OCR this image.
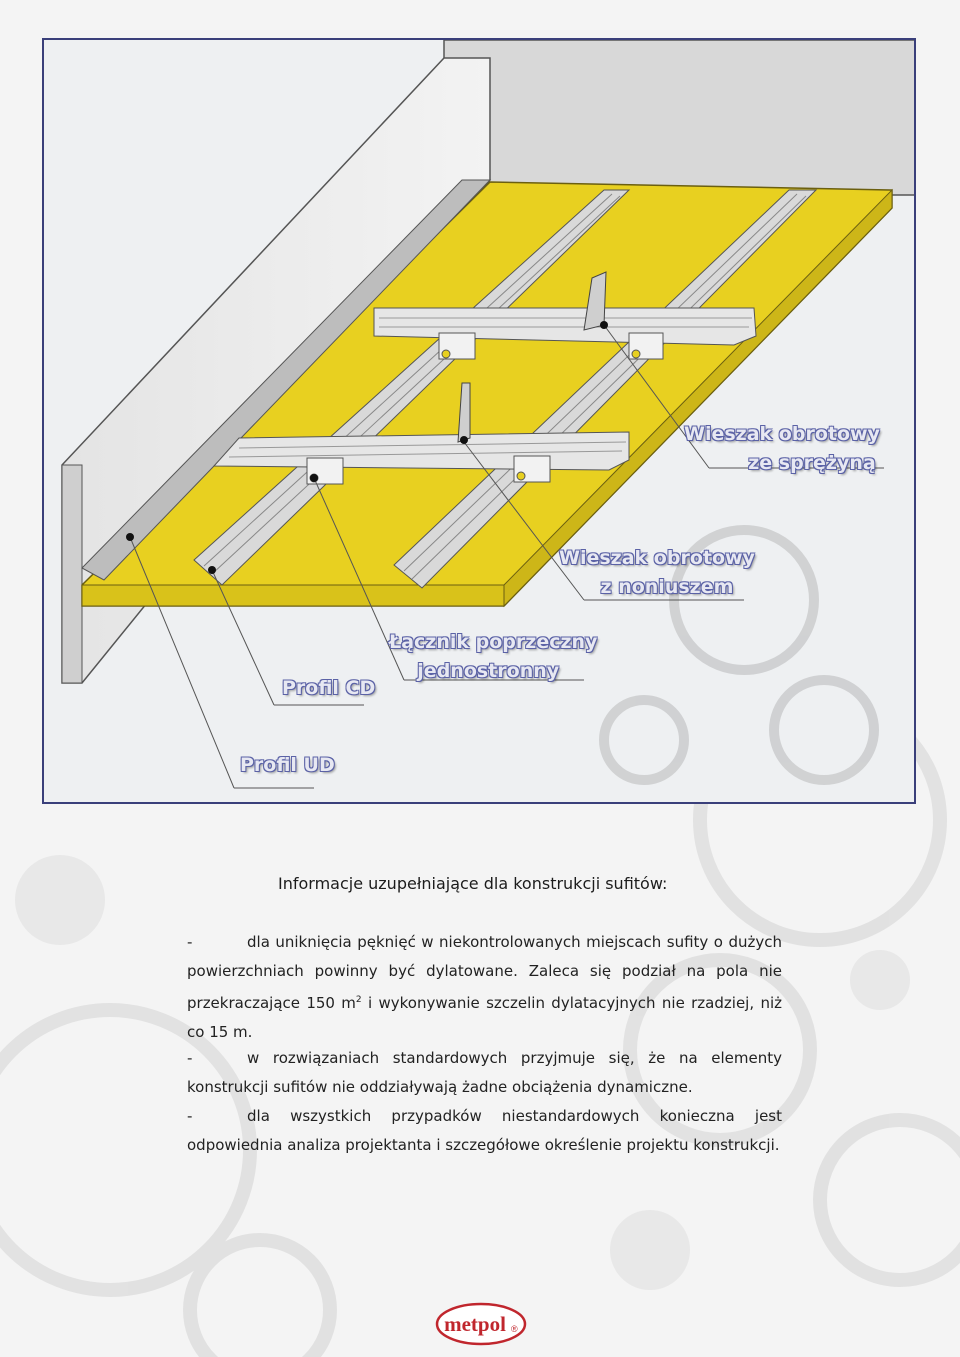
Wieszak obrotowy
ze sprężyną
Wieszak obrotowy
z noniuszem
Łącznik poprzeczny
jednostronny
Profil CD
Profil UD
Informacje uzupełniające dla konstrukcji sufitów:

-	dla uniknięcia pęknięć w niekontrolowanych miejscach sufity o dużych powierzchniach powinny być dylatowane. Zaleca się podział na pola nie przekraczające 150 $m^2$ i wykonywanie szczelin dylatacyjnych nie rzadziej, niż co 15 m.

-	w rozwiązaniach standardowych przyjmuje się, że na elementy konstrukcji sufitów nie oddziaływają żadne obciążenia dynamiczne.

-	dla wszystkich przypadków niestandardowych konieczna jest odpowiednia analiza projektanta i szczegółowe określenie projektu konstrukcji.

metpol ®
